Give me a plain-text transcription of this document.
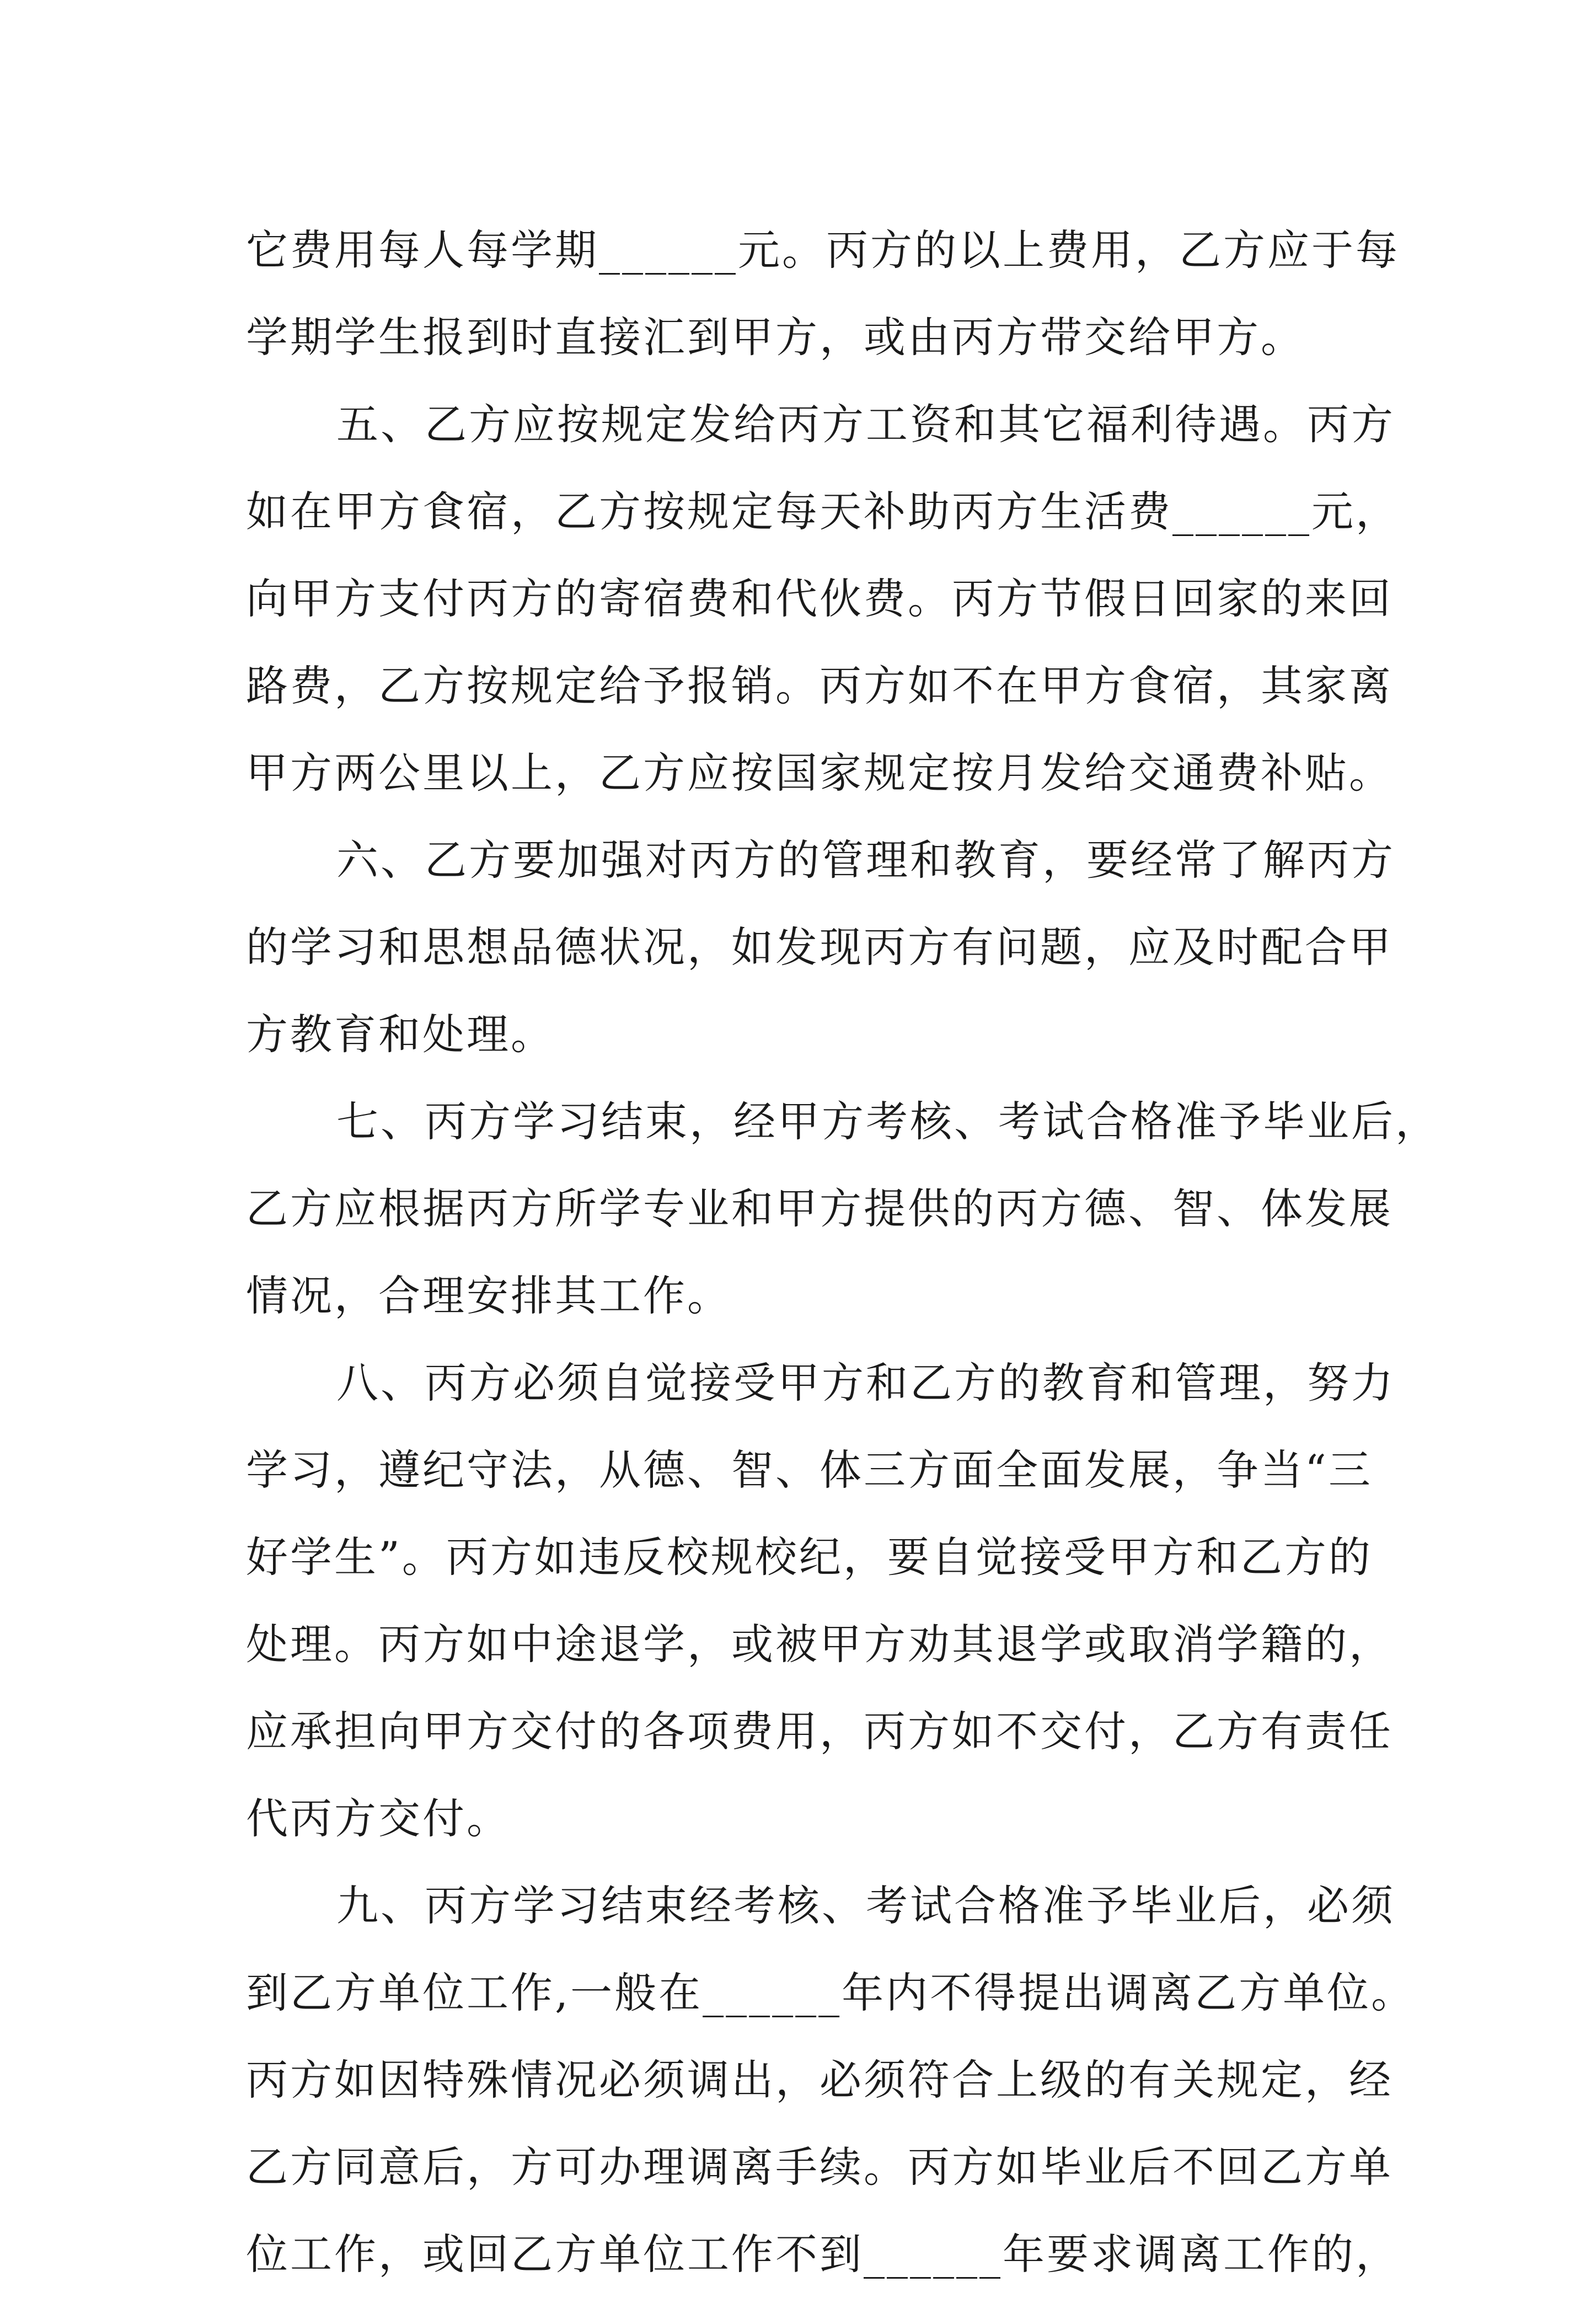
它费用每人每学期______元。丙方的以上费用，乙方应于每
学期学生报到时直接汇到甲方，或由丙方带交给甲方。
五、乙方应按规定发给丙方工资和其它福利待遇。丙方
如在甲方食宿，乙方按规定每天补助丙方生活费______元，
向甲方支付丙方的寄宿费和代伙费。丙方节假日回家的来回
路费，乙方按规定给予报销。丙方如不在甲方食宿，其家离
甲方两公里以上，乙方应按国家规定按月发给交通费补贴。
六、乙方要加强对丙方的管理和教育，要经常了解丙方
的学习和思想品德状况，如发现丙方有问题，应及时配合甲
方教育和处理。
七、丙方学习结束，经甲方考核、考试合格准予毕业后，
乙方应根据丙方所学专业和甲方提供的丙方德、智、体发展
情况，合理安排其工作。
八、丙方必须自觉接受甲方和乙方的教育和管理，努力
学习，遵纪守法，从德、智、体三方面全面发展，争当“三
好学生”。丙方如违反校规校纪，要自觉接受甲方和乙方的
处理。丙方如中途退学，或被甲方劝其退学或取消学籍的，
应承担向甲方交付的各项费用，丙方如不交付，乙方有责任
代丙方交付。
九、丙方学习结束经考核、考试合格准予毕业后，必须
到乙方单位工作,一般在______年内不得提出调离乙方单位。
丙方如因特殊情况必须调出，必须符合上级的有关规定，经
乙方同意后，方可办理调离手续。丙方如毕业后不回乙方单
位工作，或回乙方单位工作不到______年要求调离工作的，
